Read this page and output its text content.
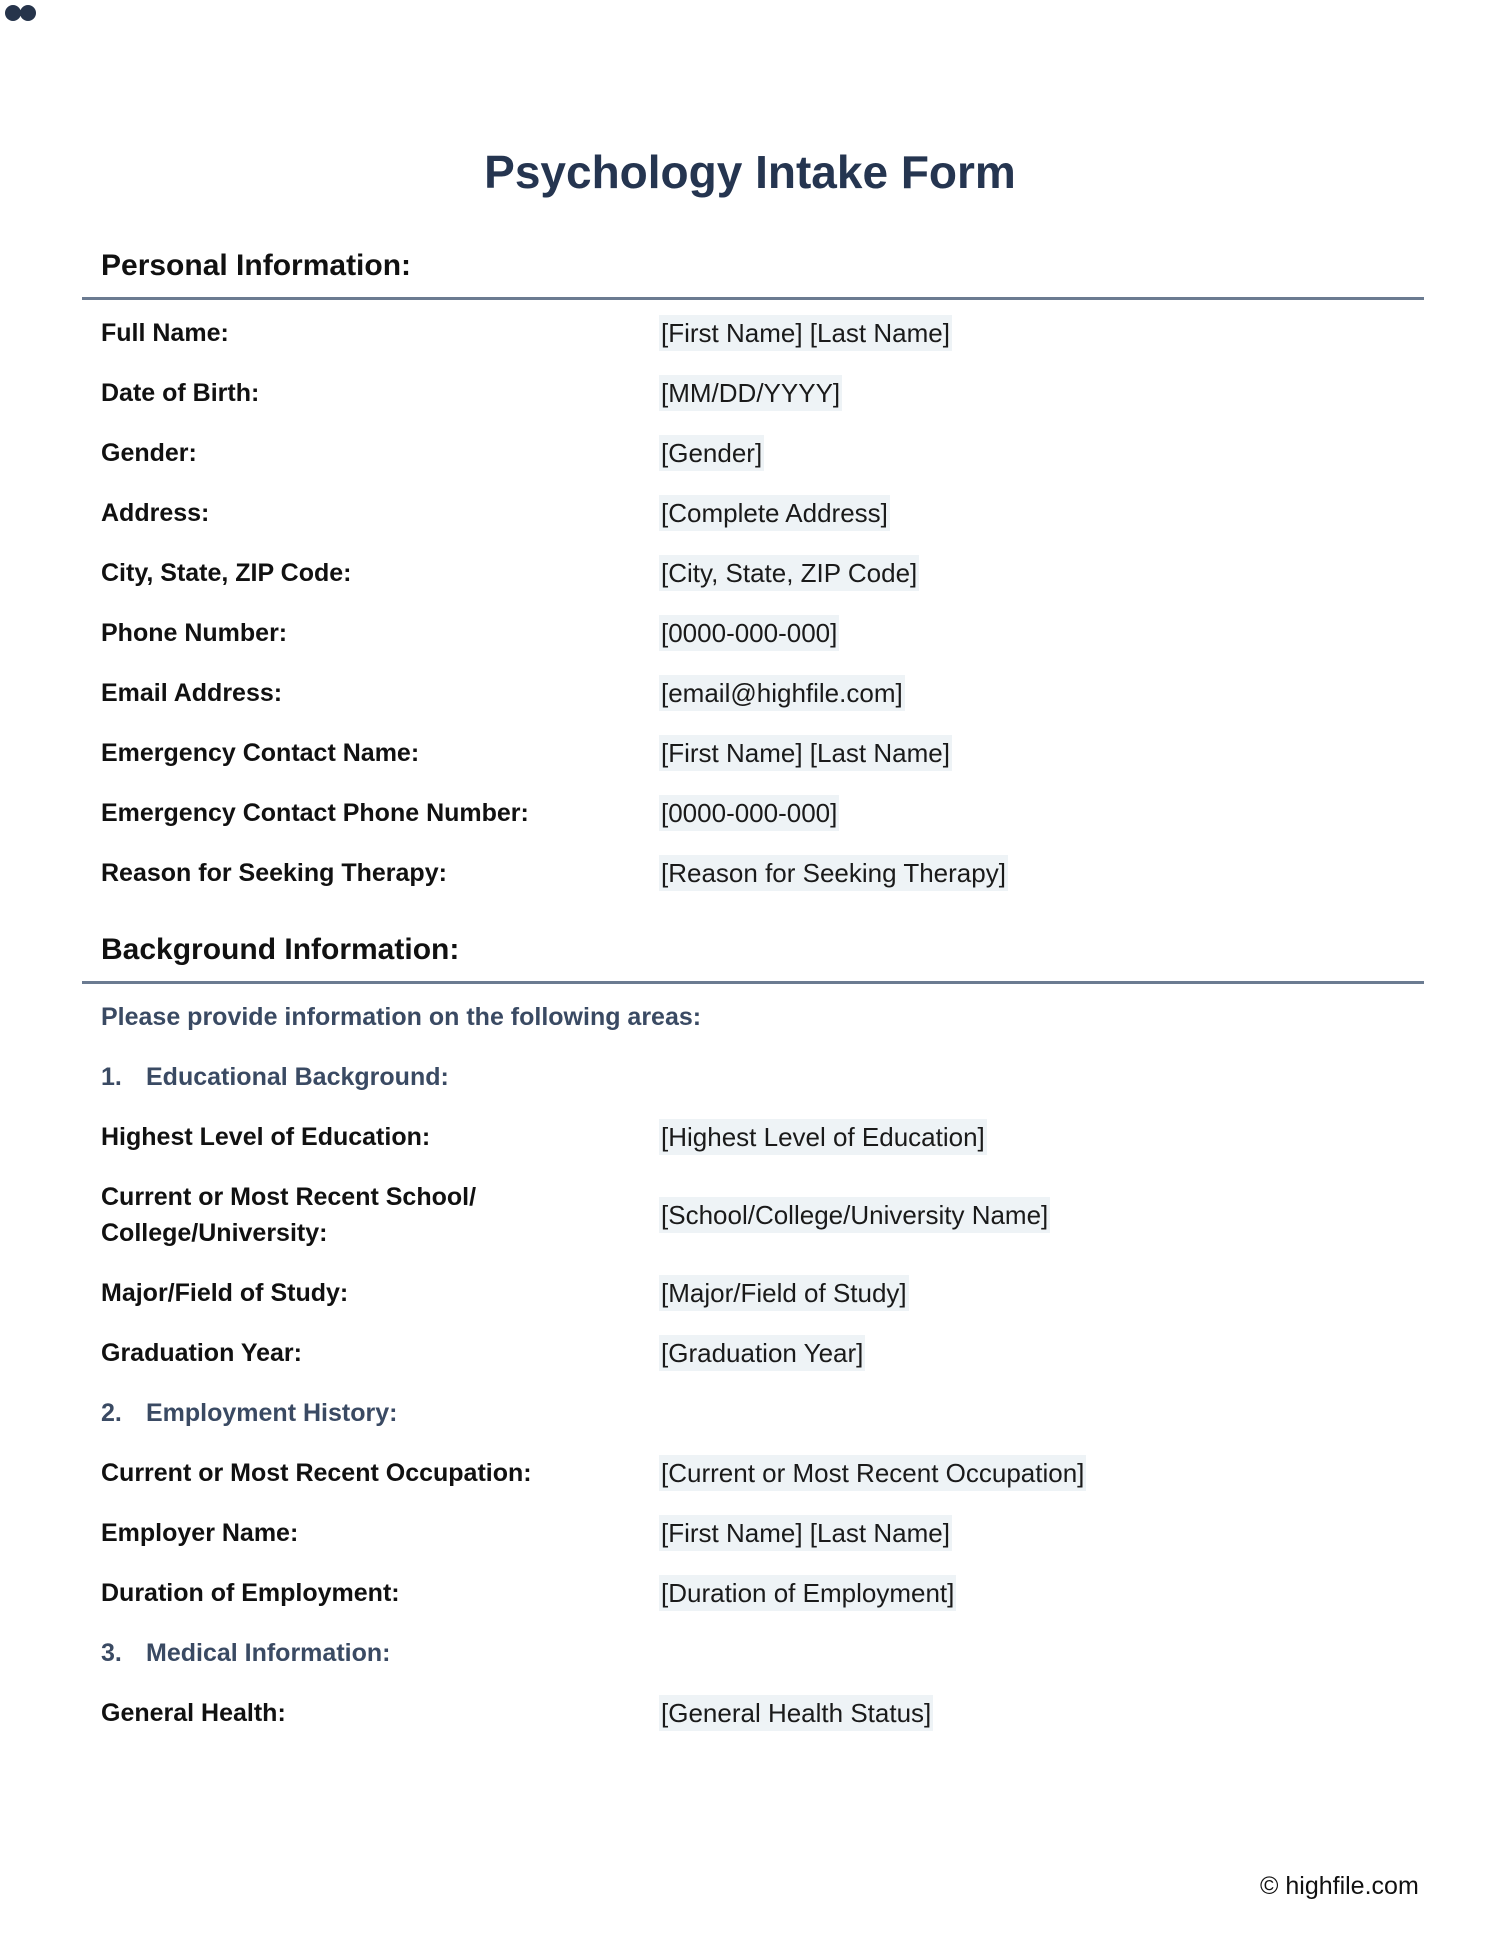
Psychology Intake Form
Personal Information:
Full Name:	[First Name] [Last Name]
Date of Birth:	[MM/DD/YYYY]
Gender:	[Gender]
Address:	[Complete Address]
City, State, ZIP Code:	[City, State, ZIP Code]
Phone Number:	[0000-000-000]
Email Address:	[email@highfile.com]
Emergency Contact Name:	[First Name] [Last Name]
Emergency Contact Phone Number:	[0000-000-000]
Reason for Seeking Therapy:	[Reason for Seeking Therapy]
Background Information:
Please provide information on the following areas:
1. Educational Background:
Highest Level of Education:	[Highest Level of Education]
Current or Most Recent School/
College/University:
[School/College/University Name]
Major/Field of Study:	[Major/Field of Study]
Graduation Year:	[Graduation Year]
2. Employment History:
Current or Most Recent Occupation:	[Current or Most Recent Occupation]
Employer Name:	[First Name] [Last Name]
Duration of Employment:	[Duration of Employment]
3. Medical Information:
General Health:	[General Health Status]
© highfile.com
